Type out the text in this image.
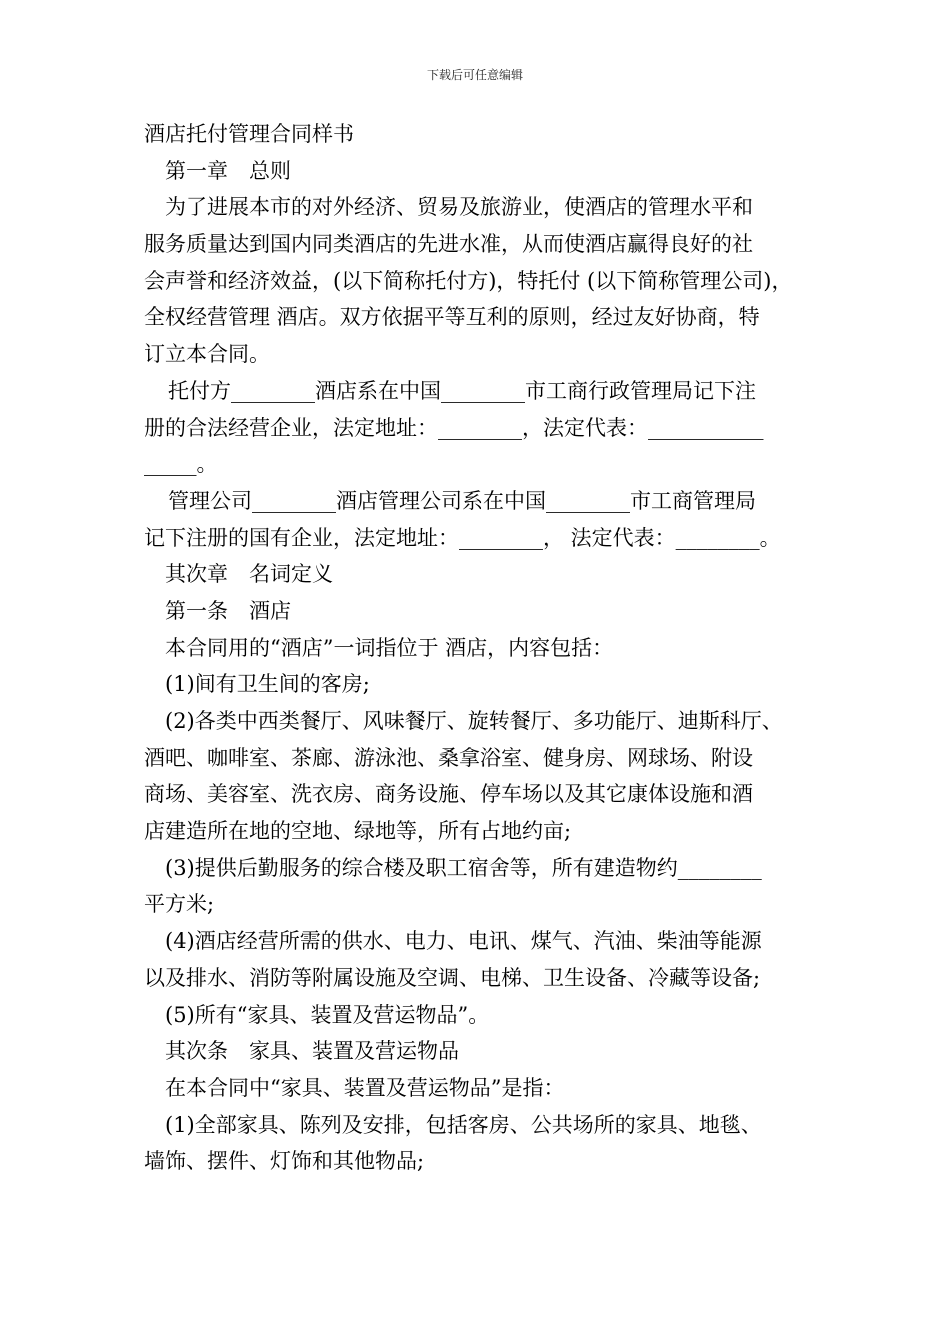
下载后可任意编辑
酒店托付管理合同样书
第一章　总则
为了进展本市的对外经济、贸易及旅游业，使酒店的管理水平和
服务质量达到国内同类酒店的先进水准，从而使酒店赢得良好的社
会声誉和经济效益，(以下简称托付方)，特托付 (以下简称管理公司)，
全权经营管理 酒店。双方依据平等互利的原则，经过友好协商，特
订立本合同。
托付方________酒店系在中国________市工商行政管理局记下注
册的合法经营企业，法定地址：________，法定代表：___________
_____。
管理公司________酒店管理公司系在中国________市工商管理局
记下注册的国有企业，法定地址：________， 法定代表：________。
其次章　名词定义
第一条　酒店
本合同用的“酒店”一词指位于 酒店，内容包括：
(1)间有卫生间的客房;
(2)各类中西类餐厅、风味餐厅、旋转餐厅、多功能厅、迪斯科厅、
酒吧、咖啡室、茶廊、游泳池、桑拿浴室、健身房、网球场、附设
商场、美容室、洗衣房、商务设施、停车场以及其它康体设施和酒
店建造所在地的空地、绿地等，所有占地约亩;
(3)提供后勤服务的综合楼及职工宿舍等，所有建造物约________
平方米;
(4)酒店经营所需的供水、电力、电讯、煤气、汽油、柴油等能源
以及排水、消防等附属设施及空调、电梯、卫生设备、冷藏等设备;
(5)所有“家具、装置及营运物品”。
其次条　家具、装置及营运物品
在本合同中“家具、装置及营运物品”是指：
(1)全部家具、陈列及安排，包括客房、公共场所的家具、地毯、
墙饰、摆件、灯饰和其他物品;
